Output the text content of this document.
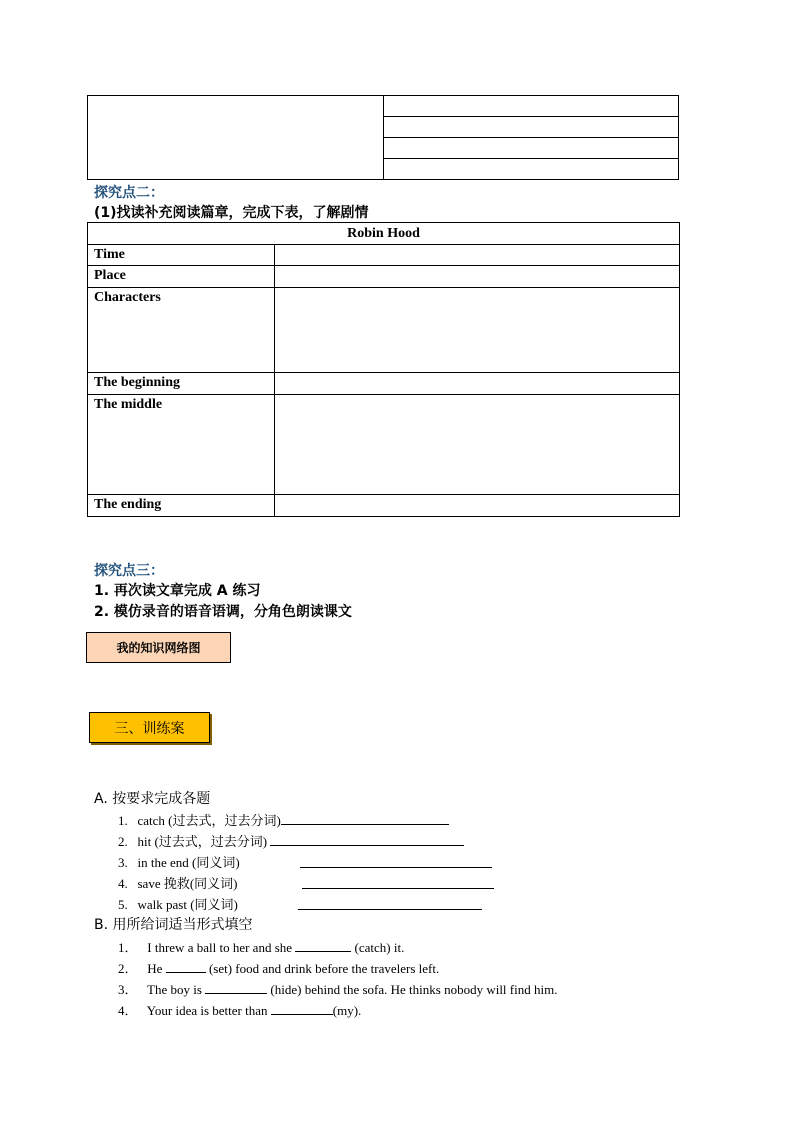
探究点二：
(1)找读补充阅读篇章，完成下表，了解剧情
Robin Hood	
Time	
Place	
Characters	
The beginning	
The middle	
The ending	
探究点三：
1. 再次读文章完成 A 练习
2. 模仿录音的语音语调，分角色朗读课文
我的知识网络图
三、训练案
A. 按要求完成各题
1. catch (过去式，过去分词)
2. hit (过去式，过去分词)
3. in the end (同义词)
4. save 挽救(同义词)
5. walk past (同义词)
B. 用所给词适当形式填空
1． I threw a ball to her and she	(catch) it.
2． He	(set) food and drink before the travelers left.
3． The boy is	(hide) behind the sofa. He thinks nobody will find him.
4． Your idea is better than	(my).
